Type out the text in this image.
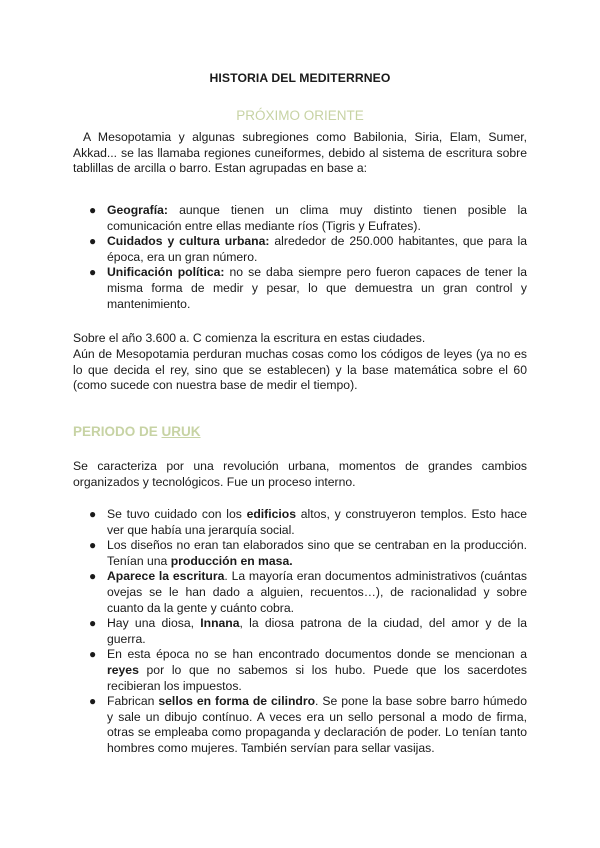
HISTORIA DEL MEDITERRNEO
PRÓXIMO ORIENTE

A Mesopotamia y algunas subregiones como Babilonia, Siria, Elam, Sumer, Akkad... se las llamaba regiones cuneiformes, debido al sistema de escritura sobre tablillas de arcilla o barro. Estan agrupadas en base a:

● Geografía: aunque tienen un clima muy distinto tienen posible la comunicación entre ellas mediante ríos (Tigris y Eufrates).
● Cuidados y cultura urbana: alrededor de 250.000 habitantes, que para la época, era un gran número.
● Unificación política: no se daba siempre pero fueron capaces de tener la misma forma de medir y pesar, lo que demuestra un gran control y mantenimiento.

Sobre el año 3.600 a. C comienza la escritura en estas ciudades.

Aún de Mesopotamia perduran muchas cosas como los códigos de leyes (ya no es lo que decida el rey, sino que se establecen) y la base matemática sobre el 60 (como sucede con nuestra base de medir el tiempo).

PERIODO DE URUK

Se caracteriza por una revolución urbana, momentos de grandes cambios organizados y tecnológicos. Fue un proceso interno.

● Se tuvo cuidado con los edificios altos, y construyeron templos. Esto hace ver que había una jerarquía social.
● Los diseños no eran tan elaborados sino que se centraban en la producción. Tenían una producción en masa.
● Aparece la escritura. La mayoría eran documentos administrativos (cuántas ovejas se le han dado a alguien, recuentos…), de racionalidad y sobre cuanto da la gente y cuánto cobra.
● Hay una diosa, Innana, la diosa patrona de la ciudad, del amor y de la guerra.
● En esta época no se han encontrado documentos donde se mencionan a reyes por lo que no sabemos si los hubo. Puede que los sacerdotes recibieran los impuestos.
● Fabrican sellos en forma de cilindro. Se pone la base sobre barro húmedo y sale un dibujo contínuo. A veces era un sello personal a modo de firma, otras se empleaba como propaganda y declaración de poder. Lo tenían tanto hombres como mujeres. También servían para sellar vasijas.
